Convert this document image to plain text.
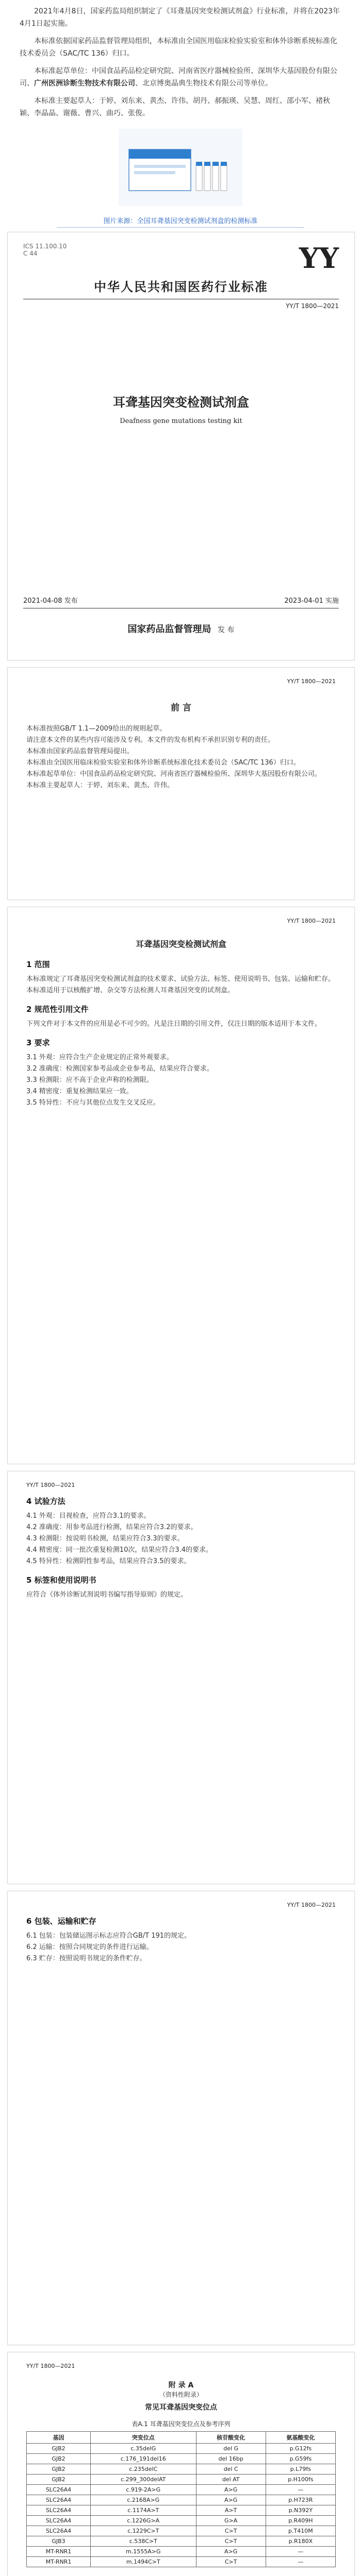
2021年4月8日，国家药监局组织制定了《耳聋基因突变检测试剂盒》行业标准，并将在2023年4月1日起实施。

本标准依据国家药品监督管理局组织，本标准由全国医用临床检验实验室和体外诊断系统标准化技术委员会（SAC/TC 136）归口。

本标准起草单位：中国食品药品检定研究院、河南省医疗器械检验所、深圳华大基因股份有限公司、广州医洲诊断生物技术有限公司、北京博奥晶典生物技术有限公司等单位。

本标准主要起草人：于婷、刘东来、黄杰、许伟、胡丹、郝振瑛、吴慧、周红、邵小军、褚秋颖、李晶晶、谢薇、曹兴、曲巧、张俊。

图片来源：全国耳聋基因突变检测试剂盒的检测标准
ICS 11.100.10
C 44	YY
中华人民共和国医药行业标准
YY/T 1800—2021
耳聋基因突变检测试剂盒
Deafness gene mutations testing kit
2021-04-08 发布	2023-04-01 实施
国家药品监督管理局 发 布
YY/T 1800—2021
前 言

本标准按照GB/T 1.1—2009给出的规则起草。

请注意本文件的某些内容可能涉及专利。本文件的发布机构不承担识别专利的责任。

本标准由国家药品监督管理局提出。

本标准由全国医用临床检验实验室和体外诊断系统标准化技术委员会（SAC/TC 136）归口。

本标准起草单位：中国食品药品检定研究院、河南省医疗器械检验所、深圳华大基因股份有限公司。

本标准主要起草人：于婷、刘东来、黄杰、许伟。

YY/T 1800—2021
耳聋基因突变检测试剂盒
1 范围

本标准规定了耳聋基因突变检测试剂盒的技术要求、试验方法、标签、使用说明书、包装、运输和贮存。本标准适用于以核酸扩增、杂交等方法检测人耳聋基因突变的试剂盒。

2 规范性引用文件

下列文件对于本文件的应用是必不可少的。凡是注日期的引用文件，仅注日期的版本适用于本文件。

3 要求

3.1 外观：应符合生产企业规定的正常外观要求。

3.2 准确度：检测国家参考品或企业参考品，结果应符合要求。

3.3 检测限：应不高于企业声称的检测限。

3.4 精密度：重复检测结果应一致。

3.5 特异性：不应与其他位点发生交叉反应。

YY/T 1800—2021
4 试验方法

4.1 外观：目视检查，应符合3.1的要求。

4.2 准确度：用参考品进行检测，结果应符合3.2的要求。

4.3 检测限：按说明书检测，结果应符合3.3的要求。

4.4 精密度：同一批次重复检测10次，结果应符合3.4的要求。

4.5 特异性：检测阴性参考品，结果应符合3.5的要求。

5 标签和使用说明书

应符合《体外诊断试剂说明书编写指导原则》的规定。

YY/T 1800—2021
6 包装、运输和贮存

6.1 包装：包装储运图示标志应符合GB/T 191的规定。

6.2 运输：按照合同规定的条件进行运输。

6.3 贮存：按照说明书规定的条件贮存。

YY/T 1800—2021
附 录 A
（资料性附录）
常见耳聋基因突变位点
表A.1 耳聋基因突变位点及参考序列
基因	突变位点	核苷酸变化	氨基酸变化
GJB2	c.35delG	del G	p.G12fs
GJB2	c.176_191del16	del 16bp	p.G59fs
GJB2	c.235delC	del C	p.L79fs
GJB2	c.299_300delAT	del AT	p.H100fs
SLC26A4	c.919-2A>G	A>G	—
SLC26A4	c.2168A>G	A>G	p.H723R
SLC26A4	c.1174A>T	A>T	p.N392Y
SLC26A4	c.1226G>A	G>A	p.R409H
SLC26A4	c.1229C>T	C>T	p.T410M
GJB3	c.538C>T	C>T	p.R180X
MT-RNR1	m.1555A>G	A>G	—
MT-RNR1	m.1494C>T	C>T	—
